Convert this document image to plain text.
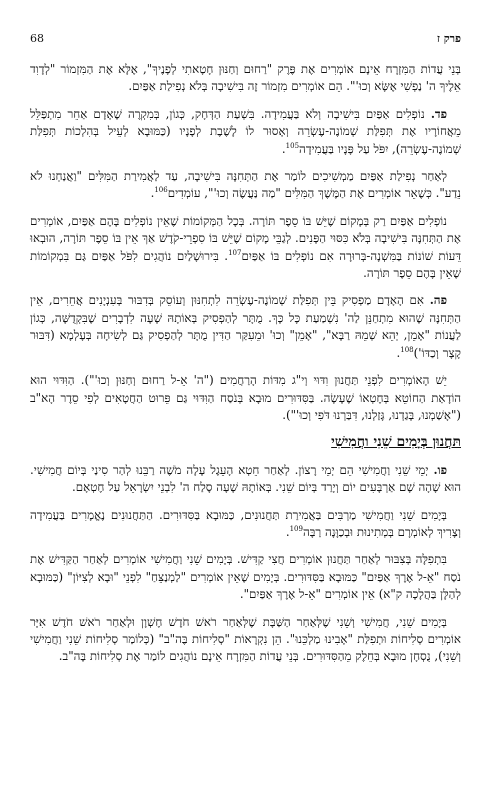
פרק ז
68

בְּנֵי עֲדוֹת הַמִּזְרָח אֵינָם אוֹמְרִים אֶת פֶּרֶק "רַחוּם וְחַנּוּן חָטָאתִי לְפָנֶיךָ", אֶלָּא אֶת הַמִּזְמוֹר "לְדָוִד אֵלֶיךָ ה' נַפְשִׁי אֶשָּׂא וְכוּ'". הֵם אוֹמְרִים מִזְמוֹר זֶה בִּישִׁיבָה בְּלֹא נְפִילַת אַפַּיִם.

פד. נוֹפְלִים אַפַּיִם בִּישִׁיבָה וְלֹא בַּעֲמִידָה. בִּשְׁעַת הַדְּחָק, כְּגוֹן, בְּמִקְרֶה שֶׁאָדָם אַחֵר מִתְפַּלֵּל מֵאֲחוֹרָיו אֶת תְּפִלַּת שְׁמוֹנֶה-עֶשְׂרֵה וְאָסוּר לוֹ לָשֶׁבֶת לְפָנָיו (כַּמּוּבָא לְעֵיל בְּהִלְכוֹת תְּפִלַּת שְׁמוֹנֶה-עֶשְׂרֵה), יִפֹּל עַל פָּנָיו בַּעֲמִידָה$^{105}$.

לְאַחַר נְפִילַת אַפַּיִם מַמְשִׁיכִים לוֹמַר אֶת הַתְּחִנָּה בִּישִׁיבָה, עַד לַאֲמִירַת הַמִּלִּים "וַאֲנַחְנוּ לֹא נֵדַע". כְּשֶׁאֵר אוֹמְרִים אֶת הַמֶּשֶׁךְ הַמִּלִּים "מַה נַּעֲשֶׂה וְכוּ'", עוֹמְדִים$^{106}$.

נוֹפְלִים אַפַּיִם רַק בְּמָקוֹם שֶׁיֵּשׁ בּוֹ סֵפֶר תּוֹרָה. בְּכָל הַמְּקוֹמוֹת שֶׁאֵין נוֹפְלִים בָּהֶם אַפַּיִם, אוֹמְרִים אֶת הַתְּחִנָּה בִּישִׁיבָה בְּלֹא כִּסּוּי הַפָּנִים. לְגַבֵּי מָקוֹם שֶׁיֵּשׁ בּוֹ סִפְרֵי-קֹדֶשׁ אַךְ אֵין בּוֹ סֵפֶר תּוֹרָה, הוּבְאוּ דֵּעוֹת שׁוֹנוֹת בַּמִּשְׁנָה-בְּרוּרָה אִם נוֹפְלִים בּוֹ אַפַּיִם$^{107}$. בִּירוּשָׁלַיִם נוֹהֲגִים לִפֹּל אַפַּיִם גַּם בִּמְקוֹמוֹת שֶׁאֵין בָּהֶם סֵפֶר תּוֹרָה.

פה. אִם הָאָדָם מַפְסִיק בֵּין תְּפִלַּת שְׁמוֹנֶה-עֶשְׂרֵה לִתְחִנּוּן וְעוֹסֵק בְּדִבּוּר בְּעִנְיָנִים אֲחֵרִים, אֵין הַתְּחִנָּה שֶׁהוּא מִתְחַנֵּן לַה' נִשְׁמַעַת כָּל כָּךְ. מֻתָּר לְהַפְסִיק בְּאוֹתָהּ שָׁעָה לִדְבָרִים שֶׁבִּקְדֻשָּׁה, כְּגוֹן לַעֲנוֹת "אָמֵן, יְהֵא שְׁמֵהּ רַבָּא", "אָמֵן" וְכוּ' וּמֵעִקַּר הַדִּין מֻתָּר לְהַפְסִיק גַּם לְשִׂיחָה בְּעָלְמָא (דִּבּוּר קָצָר וְכַדּוֹ')$^{108}$.

יֵשׁ הָאוֹמְרִים לִפְנֵי תַּחֲנוּן וִדּוּי וְי"ג מִדּוֹת הָרַחֲמִים ("ה' אֵ-ל רַחוּם וְחַנּוּן וְכוּ'"). הַוִּדּוּי הוּא הוֹדָאַת הַחוֹטֵא בְּחֶטְאוֹ שֶׁעָשָׂה. בַּסִּדּוּרִים מוּבָא בְּנֹסַח הַוִּדּוּי גַּם פֵּרוּט הַחֲטָאִים לְפִי סֵדֶר הָא"ב ("אָשַׁמְנוּ, בָּגַדְנוּ, גָּזַלְנוּ, דִּבַּרְנוּ דֹּפִי וְכוּ'").

תַּחֲנוּן בְּיָמִים שֵׁנִי וַחֲמִישִׁי

פו. יְמֵי שֵׁנִי וַחֲמִישִׁי הֵם יְמֵי רָצוֹן. לְאַחַר חֵטְא הָעֵגֶל עָלָה מֹשֶׁה רַבֵּנוּ לְהַר סִינַי בְּיוֹם חֲמִישִׁי. הוּא שָׁהָה שָׁם אַרְבָּעִים יוֹם וְיָרַד בְּיוֹם שֵׁנִי. בְּאוֹתָהּ שָׁעָה סָלַח ה' לִבְנֵי יִשְׂרָאֵל עַל חֶטְאָם.

בְּיָמִים שֵׁנִי וַחֲמִישִׁי מַרְבִּים בַּאֲמִירַת תַּחֲנוּנִים, כַּמּוּבָא בַּסִּדּוּרִים. הַתַּחֲנוּנִים נֶאֱמָרִים בַּעֲמִידָה וְצָרִיךְ לְאוֹמְרָם בְּמְתִינוּת וּבְכַוָּנָה רַבָּה$^{109}$.

בִּתְפִלָּה בְּצִבּוּר לְאַחַר תַּחֲנוּן אוֹמְרִים חֲצִי קַדִּישׁ. בְּיָמִים שֵׁנִי וַחֲמִישִׁי אוֹמְרִים לְאַחַר הַקַּדִּישׁ אֶת נֹסַח "אֵ-ל אֶרֶךְ אַפַּיִם" כַּמּוּבָא בַּסִּדּוּרִים. בְּיָמִים שֶׁאֵין אוֹמְרִים "לַמְנַצֵּחַ" לִפְנֵי "וּבָא לְצִיּוֹן" (כַּמּוּבָא לְהַלָּן בַּהֲלָכָה ק"א) אֵין אוֹמְרִים "אֵ-ל אֶרֶךְ אַפַּיִם".

בְּיָמִים שֵׁנִי, חֲמִישִׁי וְשֵׁנִי שֶׁלְּאַחַר הַשַּׁבָּת שֶׁלְּאַחַר רֹאשׁ חֹדֶשׁ חֶשְׁוָן וּלְאַחַר רֹאשׁ חֹדֶשׁ אִיָּר אוֹמְרִים סְלִיחוֹת וּתְפִלַּת "אָבִינוּ מַלְכֵּנוּ". הֵן נִקְרָאוֹת "סְלִיחוֹת בֶּה"ב" (כְּלוֹמַר סְלִיחוֹת שֵׁנִי וַחֲמִישִׁי וְשֵׁנִי), נֻסְחָן מוּבָא בְּחֵלֶק מֵהַסִּדּוּרִים. בְּנֵי עֲדוֹת הַמִּזְרָח אֵינָם נוֹהֲגִים לוֹמַר אֶת סְלִיחוֹת בֶּה"ב.
